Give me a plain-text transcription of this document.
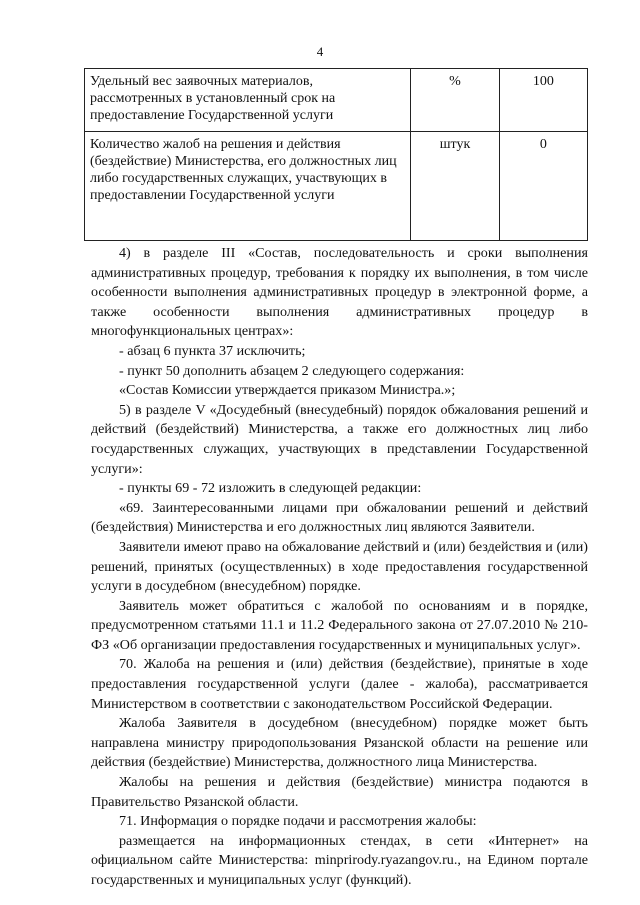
4
Удельный вес заявочных материалов, рассмотренных в установленный срок на предоставление Государственной услуги	%	100
Количество жалоб на решения и действия (бездействие) Министерства, его должностных лиц либо государственных служащих, участвующих в предоставлении Государственной услуги	штук	0

4) в разделе III «Состав, последовательность и сроки выполнения административных процедур, требования к порядку их выполнения, в том числе особенности выполнения административных процедур в электронной форме, а также особенности выполнения административных процедур в многофункциональных центрах»:

- абзац 6 пункта 37 исключить;

- пункт 50 дополнить абзацем 2 следующего содержания:

«Состав Комиссии утверждается приказом Министра.»;

5) в разделе V «Досудебный (внесудебный) порядок обжалования решений и действий (бездействий) Министерства, а также его должностных лиц либо государственных служащих, участвующих в представлении Государственной услуги»:

- пункты 69 - 72 изложить в следующей редакции:

«69. Заинтересованными лицами при обжаловании решений и действий (бездействия) Министерства и его должностных лиц являются Заявители.

Заявители имеют право на обжалование действий и (или) бездействия и (или) решений, принятых (осуществленных) в ходе предоставления государственной услуги в досудебном (внесудебном) порядке.

Заявитель может обратиться с жалобой по основаниям и в порядке, предусмотренном статьями 11.1 и 11.2 Федерального закона от 27.07.2010 № 210-ФЗ «Об организации предоставления государственных и муниципальных услуг».

70. Жалоба на решения и (или) действия (бездействие), принятые в ходе предоставления государственной услуги (далее - жалоба), рассматривается Министерством в соответствии с законодательством Российской Федерации.

Жалоба Заявителя в досудебном (внесудебном) порядке может быть направлена министру природопользования Рязанской области на решение или действия (бездействие) Министерства, должностного лица Министерства.

Жалобы на решения и действия (бездействие) министра подаются в Правительство Рязанской области.

71. Информация о порядке подачи и рассмотрения жалобы:

размещается на информационных стендах, в сети «Интернет» на официальном сайте Министерства: minprirody.ryazangov.ru., на Едином портале государственных и муниципальных услуг (функций).
